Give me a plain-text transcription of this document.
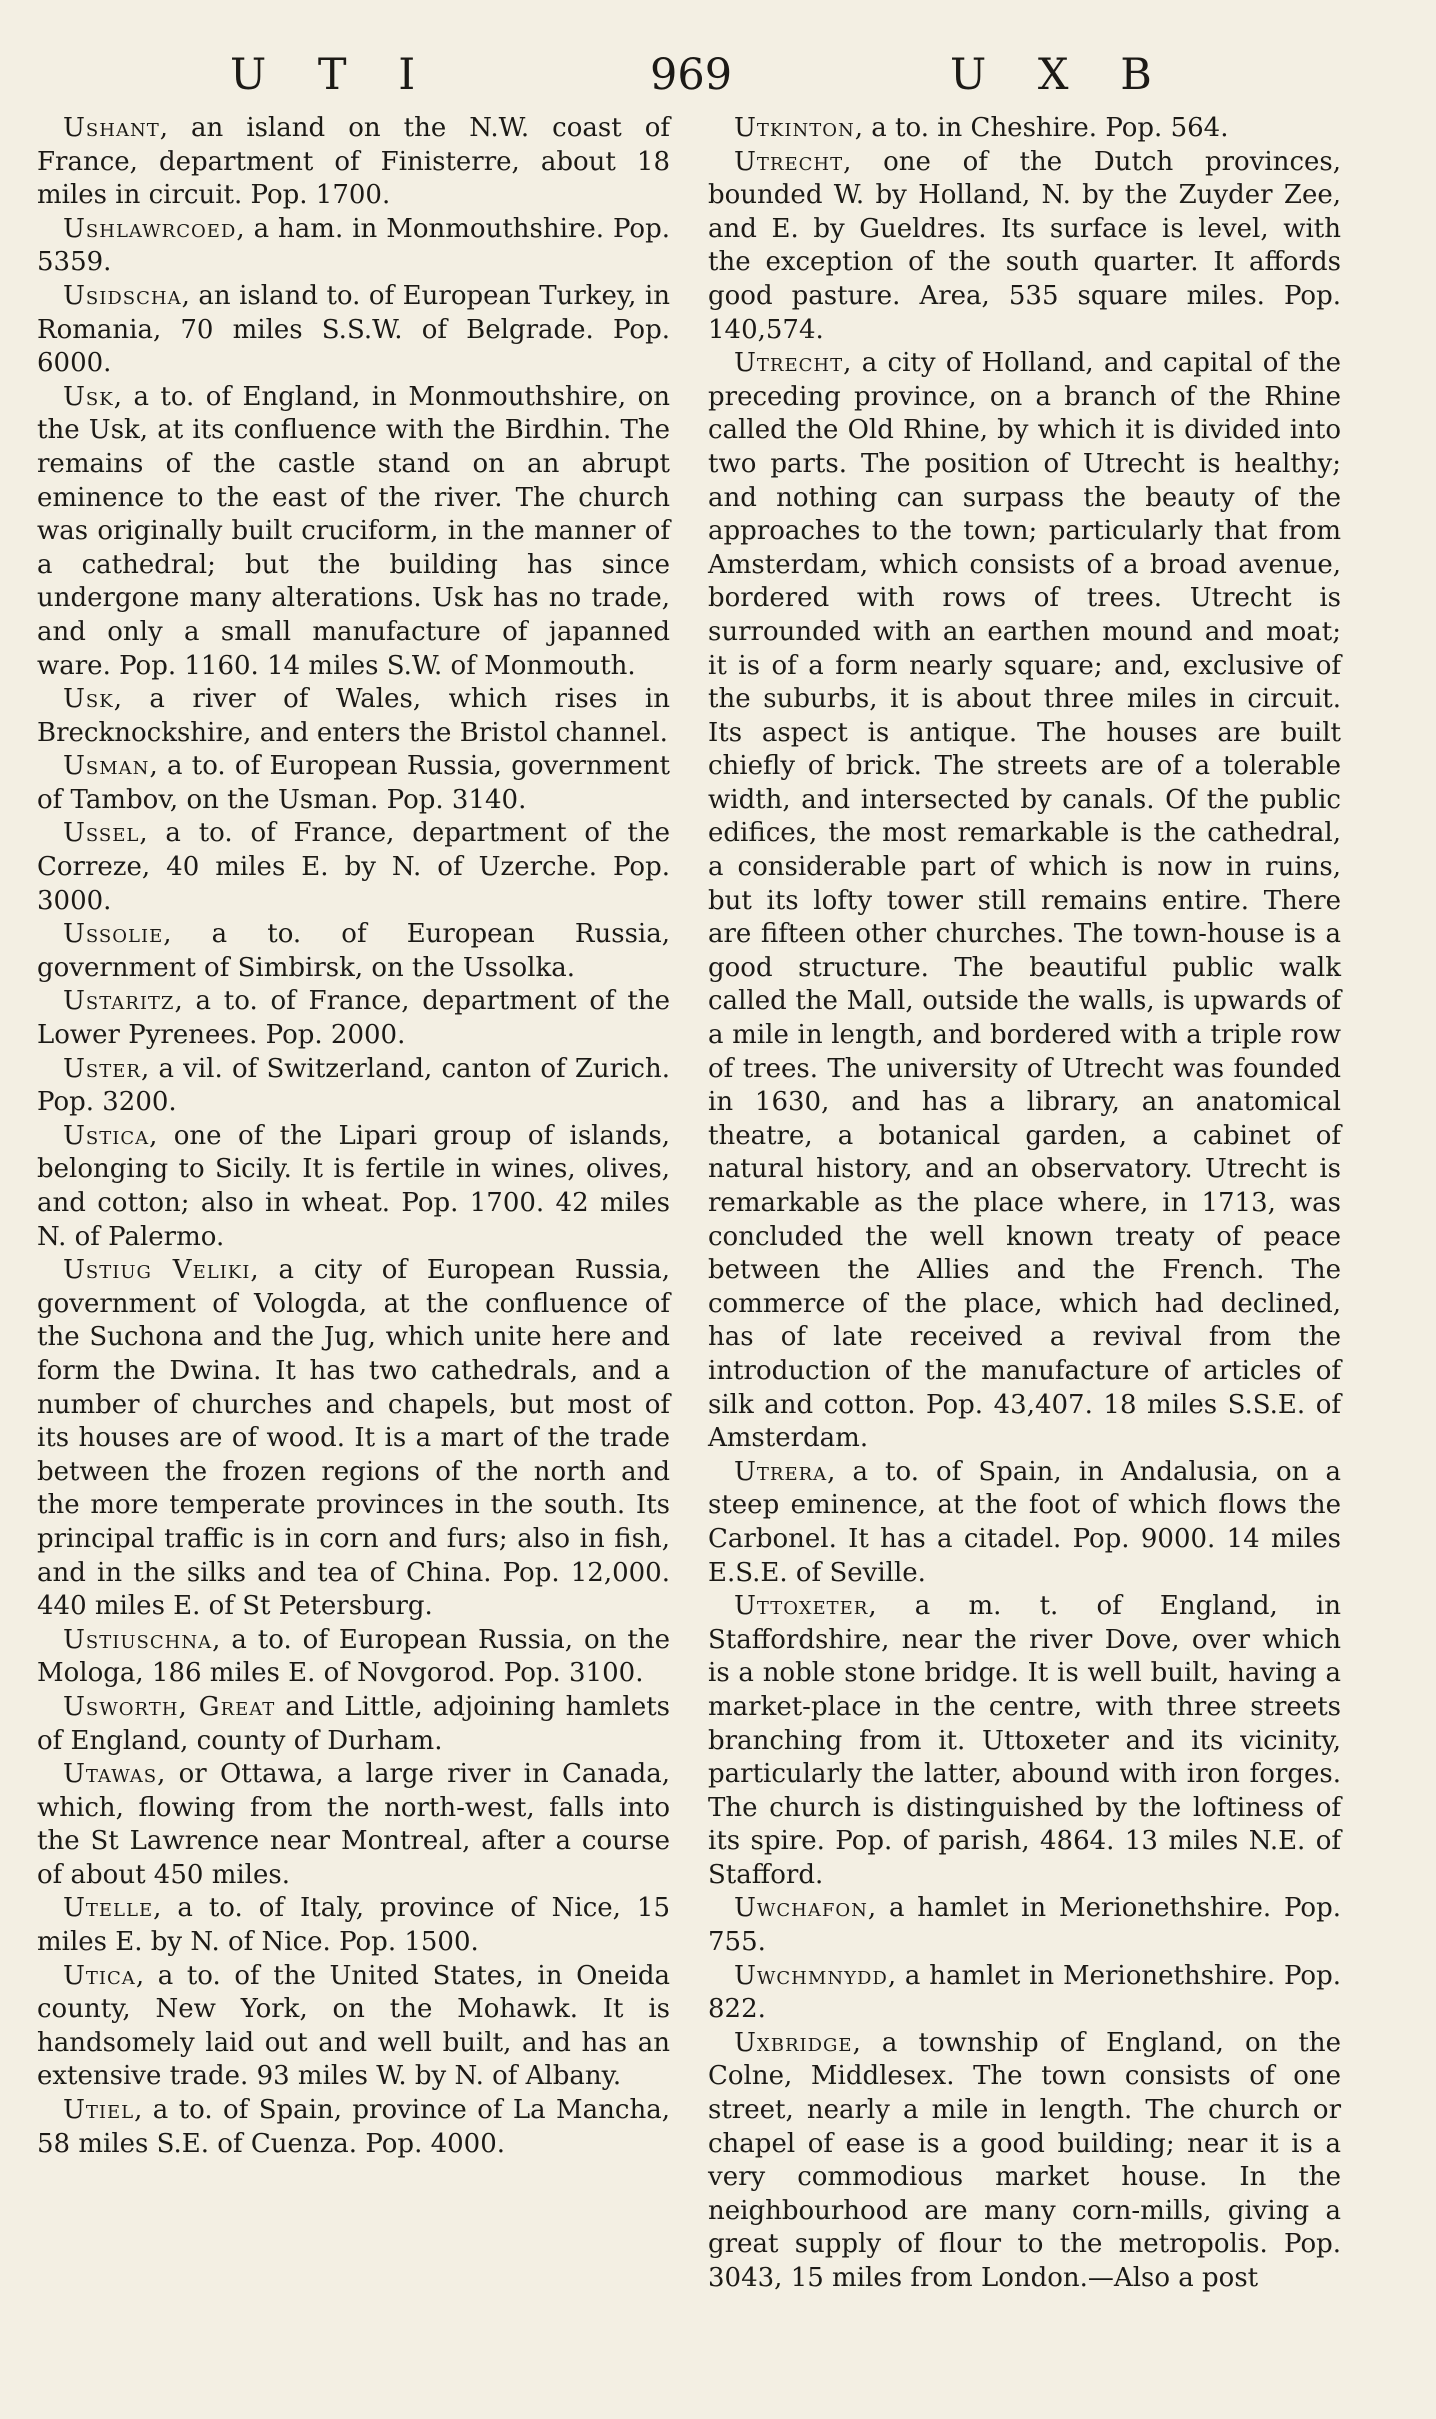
U T I	969	U X B

Ushant, an island on the N.W. coast of France, department of Finisterre, about 18 miles in circuit. Pop. 1700.

Ushlawrcoed, a ham. in Monmouthshire. Pop. 5359.

Usidscha, an island to. of European Turkey, in Romania, 70 miles S.S.W. of Belgrade. Pop. 6000.

Usk, a to. of England, in Monmouthshire, on the Usk, at its confluence with the Birdhin. The remains of the castle stand on an abrupt eminence to the east of the river. The church was originally built cruciform, in the manner of a cathedral; but the building has since undergone many alterations. Usk has no trade, and only a small manufacture of japanned ware. Pop. 1160. 14 miles S.W. of Monmouth.

Usk, a river of Wales, which rises in Brecknockshire, and enters the Bristol channel.

Usman, a to. of European Russia, government of Tambov, on the Usman. Pop. 3140.

Ussel, a to. of France, department of the Correze, 40 miles E. by N. of Uzerche. Pop. 3000.

Ussolie, a to. of European Russia, government of Simbirsk, on the Ussolka.

Ustaritz, a to. of France, department of the Lower Pyrenees. Pop. 2000.

Uster, a vil. of Switzerland, canton of Zurich. Pop. 3200.

Ustica, one of the Lipari group of islands, belonging to Sicily. It is fertile in wines, olives, and cotton; also in wheat. Pop. 1700. 42 miles N. of Palermo.

Ustiug Veliki, a city of European Russia, government of Vologda, at the confluence of the Suchona and the Jug, which unite here and form the Dwina. It has two cathedrals, and a number of churches and chapels, but most of its houses are of wood. It is a mart of the trade between the frozen regions of the north and the more temperate provinces in the south. Its principal traffic is in corn and furs; also in fish, and in the silks and tea of China. Pop. 12,000. 440 miles E. of St Petersburg.

Ustiuschna, a to. of European Russia, on the Mologa, 186 miles E. of Novgorod. Pop. 3100.

Usworth, Great and Little, adjoining hamlets of England, county of Durham.

Utawas, or Ottawa, a large river in Canada, which, flowing from the north-west, falls into the St Lawrence near Montreal, after a course of about 450 miles.

Utelle, a to. of Italy, province of Nice, 15 miles E. by N. of Nice. Pop. 1500.

Utica, a to. of the United States, in Oneida county, New York, on the Mohawk. It is handsomely laid out and well built, and has an extensive trade. 93 miles W. by N. of Albany.

Utiel, a to. of Spain, province of La Mancha, 58 miles S.E. of Cuenza. Pop. 4000.

Utkinton, a to. in Cheshire. Pop. 564.

Utrecht, one of the Dutch provinces, bounded W. by Holland, N. by the Zuyder Zee, and E. by Gueldres. Its surface is level, with the exception of the south quarter. It affords good pasture. Area, 535 square miles. Pop. 140,574.

Utrecht, a city of Holland, and capital of the preceding province, on a branch of the Rhine called the Old Rhine, by which it is divided into two parts. The position of Utrecht is healthy; and nothing can surpass the beauty of the approaches to the town; particularly that from Amsterdam, which consists of a broad avenue, bordered with rows of trees. Utrecht is surrounded with an earthen mound and moat; it is of a form nearly square; and, exclusive of the suburbs, it is about three miles in circuit. Its aspect is antique. The houses are built chiefly of brick. The streets are of a tolerable width, and intersected by canals. Of the public edifices, the most remarkable is the cathedral, a considerable part of which is now in ruins, but its lofty tower still remains entire. There are fifteen other churches. The town-house is a good structure. The beautiful public walk called the Mall, outside the walls, is upwards of a mile in length, and bordered with a triple row of trees. The university of Utrecht was founded in 1630, and has a library, an anatomical theatre, a botanical garden, a cabinet of natural history, and an observatory. Utrecht is remarkable as the place where, in 1713, was concluded the well known treaty of peace between the Allies and the French. The commerce of the place, which had declined, has of late received a revival from the introduction of the manufacture of articles of silk and cotton. Pop. 43,407. 18 miles S.S.E. of Amsterdam.

Utrera, a to. of Spain, in Andalusia, on a steep eminence, at the foot of which flows the Carbonel. It has a citadel. Pop. 9000. 14 miles E.S.E. of Seville.

Uttoxeter, a m. t. of England, in Staffordshire, near the river Dove, over which is a noble stone bridge. It is well built, having a market-place in the centre, with three streets branching from it. Uttoxeter and its vicinity, particularly the latter, abound with iron forges. The church is distinguished by the loftiness of its spire. Pop. of parish, 4864. 13 miles N.E. of Stafford.

Uwchafon, a hamlet in Merionethshire. Pop. 755.

Uwchmnydd, a hamlet in Merionethshire. Pop. 822.

Uxbridge, a township of England, on the Colne, Middlesex. The town consists of one street, nearly a mile in length. The church or chapel of ease is a good building; near it is a very commodious market house. In the neighbourhood are many corn-mills, giving a great supply of flour to the metropolis. Pop. 3043, 15 miles from London.—Also a post
